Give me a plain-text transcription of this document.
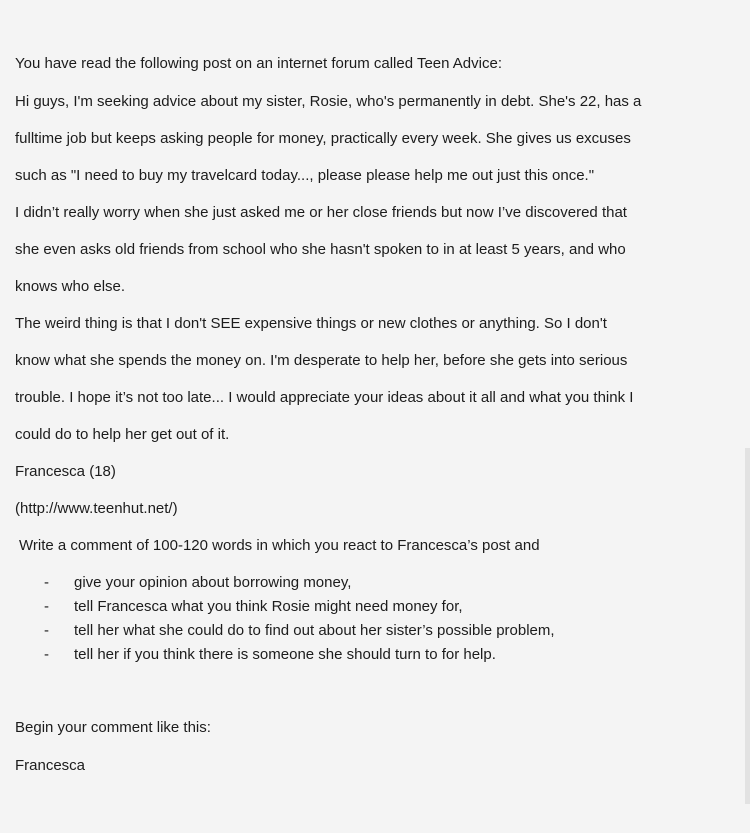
You have read the following post on an internet forum called Teen Advice:
Hi guys, I'm seeking advice about my sister, Rosie, who's permanently in debt. She's 22, has a
fulltime job but keeps asking people for money, practically every week. She gives us excuses
such as "I need to buy my travelcard today..., please please help me out just this once."
I didn’t really worry when she just asked me or her close friends but now I’ve discovered that
she even asks old friends from school who she hasn't spoken to in at least 5 years, and who
knows who else.
The weird thing is that I don't SEE expensive things or new clothes or anything. So I don't
know what she spends the money on. I'm desperate to help her, before she gets into serious
trouble. I hope it’s not too late... I would appreciate your ideas about it all and what you think I
could do to help her get out of it.
Francesca (18)
(http://www.teenhut.net/)
Write a comment of 100-120 words in which you react to Francesca’s post and
- give your opinion about borrowing money,
- tell Francesca what you think Rosie might need money for,
- tell her what she could do to find out about her sister’s possible problem,
- tell her if you think there is someone she should turn to for help.
Begin your comment like this:
Francesca
